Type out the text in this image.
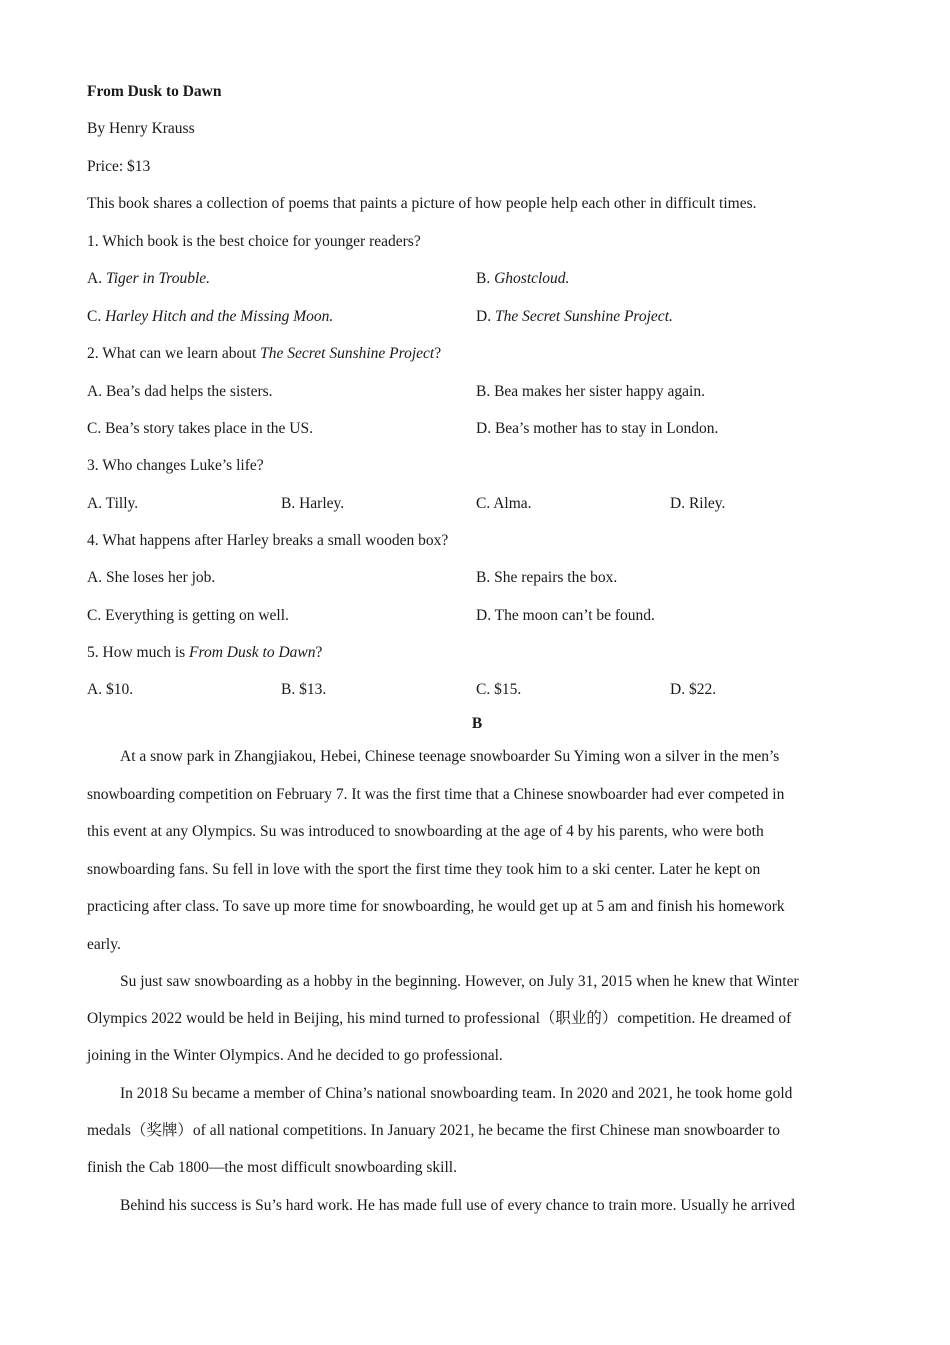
From Dusk to Dawn
By Henry Krauss
Price: $13
This book shares a collection of poems that paints a picture of how people help each other in difficult times.
1. Which book is the best choice for younger readers?
A. Tiger in Trouble.	B. Ghostcloud.
C. Harley Hitch and the Missing Moon.	D. The Secret Sunshine Project.
2. What can we learn about The Secret Sunshine Project?
A. Bea’s dad helps the sisters.	B. Bea makes her sister happy again.
C. Bea’s story takes place in the US.	D. Bea’s mother has to stay in London.
3. Who changes Luke’s life?
A. Tilly.	B. Harley.	C. Alma.	D. Riley.
4. What happens after Harley breaks a small wooden box?
A. She loses her job.	B. She repairs the box.
C. Everything is getting on well.	D. The moon can’t be found.
5. How much is From Dusk to Dawn?
A. $10.	B. $13.	C. $15.	D. $22.
B
At a snow park in Zhangjiakou, Hebei, Chinese teenage snowboarder Su Yiming won a silver in the men’s
snowboarding competition on February 7. It was the first time that a Chinese snowboarder had ever competed in
this event at any Olympics. Su was introduced to snowboarding at the age of 4 by his parents, who were both
snowboarding fans. Su fell in love with the sport the first time they took him to a ski center. Later he kept on
practicing after class. To save up more time for snowboarding, he would get up at 5 am and finish his homework
early.
Su just saw snowboarding as a hobby in the beginning. However, on July 31, 2015 when he knew that Winter
Olympics 2022 would be held in Beijing, his mind turned to professional（职业的）competition. He dreamed of
joining in the Winter Olympics. And he decided to go professional.
In 2018 Su became a member of China’s national snowboarding team. In 2020 and 2021, he took home gold
medals（奖牌）of all national competitions. In January 2021, he became the first Chinese man snowboarder to
finish the Cab 1800—the most difficult snowboarding skill.
Behind his success is Su’s hard work. He has made full use of every chance to train more. Usually he arrived
